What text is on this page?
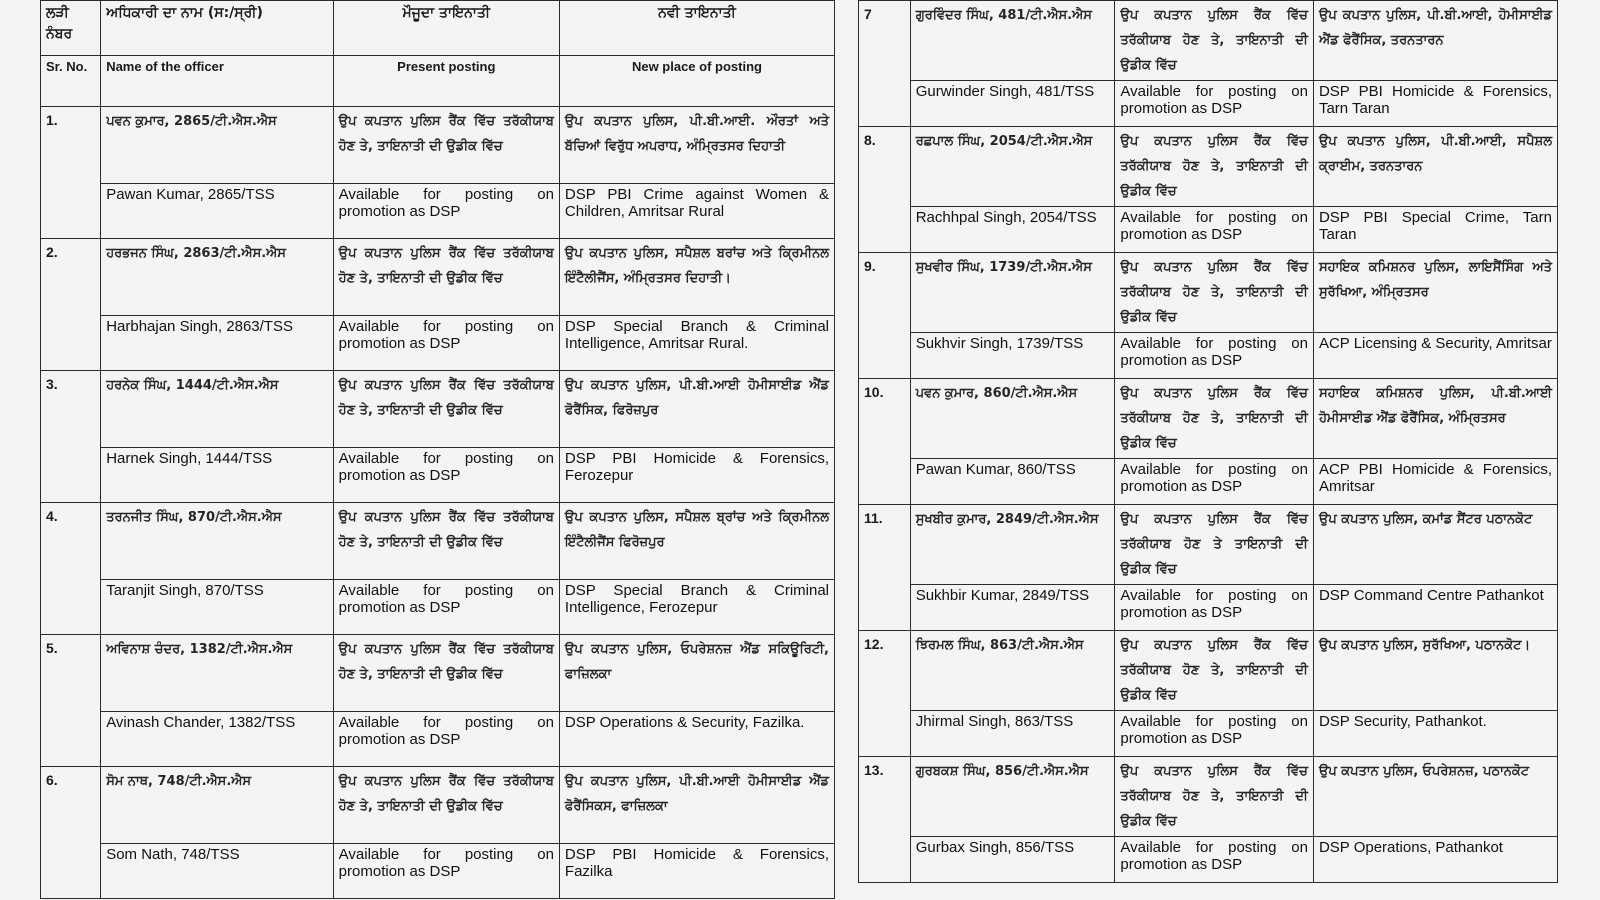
ਲੜੀ ਨੰਬਰ	ਅਧਿਕਾਰੀ ਦਾ ਨਾਮ (ਸ:/ਸ੍ਰੀ)	ਮੌਜੂਦਾ ਤਾਇਨਾਤੀ	ਨਵੀ ਤਾਇਨਾਤੀ
Sr. No.	Name of the officer	Present posting	New place of posting
1.	ਪਵਨ ਕੁਮਾਰ, 2865/ਟੀ.ਐਸ.ਐਸ	ਉਪ ਕਪਤਾਨ ਪੁਲਿਸ ਰੈਂਕ ਵਿੱਚ ਤਰੱਕੀਯਾਬ ਹੋਣ ਤੇ, ਤਾਇਨਾਤੀ ਦੀ ਉਡੀਕ ਵਿੱਚ	ਉਪ ਕਪਤਾਨ ਪੁਲਿਸ, ਪੀ.ਬੀ.ਆਈ. ਔਰਤਾਂ ਅਤੇ ਬੱਚਿਆਂ ਵਿਰੁੱਧ ਅਪਰਾਧ, ਅੰਮ੍ਰਿਤਸਰ ਦਿਹਾਤੀ
	Pawan Kumar, 2865/TSS	Available for posting on promotion as DSP	DSP PBI Crime against Women & Children, Amritsar Rural
2.	ਹਰਭਜਨ ਸਿੰਘ, 2863/ਟੀ.ਐਸ.ਐਸ	ਉਪ ਕਪਤਾਨ ਪੁਲਿਸ ਰੈਂਕ ਵਿੱਚ ਤਰੱਕੀਯਾਬ ਹੋਣ ਤੇ, ਤਾਇਨਾਤੀ ਦੀ ਉਡੀਕ ਵਿੱਚ	ਉਪ ਕਪਤਾਨ ਪੁਲਿਸ, ਸਪੈਸ਼ਲ ਬਰਾਂਚ ਅਤੇ ਕ੍ਰਿਮੀਨਲ ਇੰਟੈਲੀਜੈਂਸ, ਅੰਮ੍ਰਿਤਸਰ ਦਿਹਾਤੀ।
	Harbhajan Singh, 2863/TSS	Available for posting on promotion as DSP	DSP Special Branch & Criminal Intelligence, Amritsar Rural.
3.	ਹਰਨੇਕ ਸਿੰਘ, 1444/ਟੀ.ਐਸ.ਐਸ	ਉਪ ਕਪਤਾਨ ਪੁਲਿਸ ਰੈਂਕ ਵਿੱਚ ਤਰੱਕੀਯਾਬ ਹੋਣ ਤੇ, ਤਾਇਨਾਤੀ ਦੀ ਉਡੀਕ ਵਿੱਚ	ਉਪ ਕਪਤਾਨ ਪੁਲਿਸ, ਪੀ.ਬੀ.ਆਈ ਹੋਮੀਸਾਈਡ ਐਂਡ ਫੋਰੈਂਸਿਕ, ਫਿਰੋਜ਼ਪੁਰ
	Harnek Singh, 1444/TSS	Available for posting on promotion as DSP	DSP PBI Homicide & Forensics, Ferozepur
4.	ਤਰਨਜੀਤ ਸਿੰਘ, 870/ਟੀ.ਐਸ.ਐਸ	ਉਪ ਕਪਤਾਨ ਪੁਲਿਸ ਰੈਂਕ ਵਿੱਚ ਤਰੱਕੀਯਾਬ ਹੋਣ ਤੇ, ਤਾਇਨਾਤੀ ਦੀ ਉਡੀਕ ਵਿੱਚ	ਉਪ ਕਪਤਾਨ ਪੁਲਿਸ, ਸਪੈਸ਼ਲ ਬ੍ਰਾਂਚ ਅਤੇ ਕ੍ਰਿਮੀਨਲ ਇੰਟੈਲੀਜੈਂਸ ਫਿਰੋਜ਼ਪੁਰ
	Taranjit Singh, 870/TSS	Available for posting on promotion as DSP	DSP Special Branch & Criminal Intelligence, Ferozepur
5.	ਅਵਿਨਾਸ਼ ਚੰਦਰ, 1382/ਟੀ.ਐਸ.ਐਸ	ਉਪ ਕਪਤਾਨ ਪੁਲਿਸ ਰੈਂਕ ਵਿੱਚ ਤਰੱਕੀਯਾਬ ਹੋਣ ਤੇ, ਤਾਇਨਾਤੀ ਦੀ ਉਡੀਕ ਵਿੱਚ	ਉਪ ਕਪਤਾਨ ਪੁਲਿਸ, ਓਪਰੇਸ਼ਨਜ਼ ਐਂਡ ਸਕਿਊਰਿਟੀ, ਫਾਜ਼ਿਲਕਾ
	Avinash Chander, 1382/TSS	Available for posting on promotion as DSP	DSP Operations & Security, Fazilka.
6.	ਸੋਮ ਨਾਥ, 748/ਟੀ.ਐਸ.ਐਸ	ਉਪ ਕਪਤਾਨ ਪੁਲਿਸ ਰੈਂਕ ਵਿੱਚ ਤਰੱਕੀਯਾਬ ਹੋਣ ਤੇ, ਤਾਇਨਾਤੀ ਦੀ ਉਡੀਕ ਵਿੱਚ	ਉਪ ਕਪਤਾਨ ਪੁਲਿਸ, ਪੀ.ਬੀ.ਆਈ ਹੋਮੀਸਾਈਡ ਐਂਡ ਫੋਰੈਂਸਿਕਸ, ਫਾਜ਼ਿਲਕਾ
	Som Nath, 748/TSS	Available for posting on promotion as DSP	DSP PBI Homicide & Forensics, Fazilka
7	ਗੁਰਵਿੰਦਰ ਸਿੰਘ, 481/ਟੀ.ਐਸ.ਐਸ	ਉਪ ਕਪਤਾਨ ਪੁਲਿਸ ਰੈਂਕ ਵਿੱਚ ਤਰੱਕੀਯਾਬ ਹੋਣ ਤੇ, ਤਾਇਨਾਤੀ ਦੀ ਉਡੀਕ ਵਿੱਚ	ਉਪ ਕਪਤਾਨ ਪੁਲਿਸ, ਪੀ.ਬੀ.ਆਈ, ਹੋਮੀਸਾਈਡ ਐਂਡ ਫੋਰੈਂਸਿਕ, ਤਰਨਤਾਰਨ
	Gurwinder Singh, 481/TSS	Available for posting on promotion as DSP	DSP PBI Homicide & Forensics, Tarn Taran
8.	ਰਛਪਾਲ ਸਿੰਘ, 2054/ਟੀ.ਐਸ.ਐਸ	ਉਪ ਕਪਤਾਨ ਪੁਲਿਸ ਰੈਂਕ ਵਿੱਚ ਤਰੱਕੀਯਾਬ ਹੋਣ ਤੇ, ਤਾਇਨਾਤੀ ਦੀ ਉਡੀਕ ਵਿੱਚ	ਉਪ ਕਪਤਾਨ ਪੁਲਿਸ, ਪੀ.ਬੀ.ਆਈ, ਸਪੈਸ਼ਲ ਕ੍ਰਾਈਮ, ਤਰਨਤਾਰਨ
	Rachhpal Singh, 2054/TSS	Available for posting on promotion as DSP	DSP PBI Special Crime, Tarn Taran
9.	ਸੁਖਵੀਰ ਸਿੰਘ, 1739/ਟੀ.ਐਸ.ਐਸ	ਉਪ ਕਪਤਾਨ ਪੁਲਿਸ ਰੈਂਕ ਵਿੱਚ ਤਰੱਕੀਯਾਬ ਹੋਣ ਤੇ, ਤਾਇਨਾਤੀ ਦੀ ਉਡੀਕ ਵਿੱਚ	ਸਹਾਇਕ ਕਮਿਸ਼ਨਰ ਪੁਲਿਸ, ਲਾਇਸੈਂਸਿੰਗ ਅਤੇ ਸੁਰੱਖਿਆ, ਅੰਮ੍ਰਿਤਸਰ
	Sukhvir Singh, 1739/TSS	Available for posting on promotion as DSP	ACP Licensing & Security, Amritsar
10.	ਪਵਨ ਕੁਮਾਰ, 860/ਟੀ.ਐਸ.ਐਸ	ਉਪ ਕਪਤਾਨ ਪੁਲਿਸ ਰੈਂਕ ਵਿੱਚ ਤਰੱਕੀਯਾਬ ਹੋਣ ਤੇ, ਤਾਇਨਾਤੀ ਦੀ ਉਡੀਕ ਵਿੱਚ	ਸਹਾਇਕ ਕਮਿਸ਼ਨਰ ਪੁਲਿਸ, ਪੀ.ਬੀ.ਆਈ ਹੋਮੀਸਾਈਡ ਐਂਡ ਫੋਰੈਂਸਿਕ, ਅੰਮ੍ਰਿਤਸਰ
	Pawan Kumar, 860/TSS	Available for posting on promotion as DSP	ACP PBI Homicide & Forensics, Amritsar
11.	ਸੁਖਬੀਰ ਕੁਮਾਰ, 2849/ਟੀ.ਐਸ.ਐਸ	ਉਪ ਕਪਤਾਨ ਪੁਲਿਸ ਰੈਂਕ ਵਿੱਚ ਤਰੱਕੀਯਾਬ ਹੋਣ ਤੇ ਤਾਇਨਾਤੀ ਦੀ ਉਡੀਕ ਵਿੱਚ	ਉਪ ਕਪਤਾਨ ਪੁਲਿਸ, ਕਮਾਂਡ ਸੈਂਟਰ ਪਠਾਨਕੋਟ
	Sukhbir Kumar, 2849/TSS	Available for posting on promotion as DSP	DSP Command Centre Pathankot
12.	ਝਿਰਮਲ ਸਿੰਘ, 863/ਟੀ.ਐਸ.ਐਸ	ਉਪ ਕਪਤਾਨ ਪੁਲਿਸ ਰੈਂਕ ਵਿੱਚ ਤਰੱਕੀਯਾਬ ਹੋਣ ਤੇ, ਤਾਇਨਾਤੀ ਦੀ ਉਡੀਕ ਵਿੱਚ	ਉਪ ਕਪਤਾਨ ਪੁਲਿਸ, ਸੁਰੱਖਿਆ, ਪਠਾਨਕੋਟ।
	Jhirmal Singh, 863/TSS	Available for posting on promotion as DSP	DSP Security, Pathankot.
13.	ਗੁਰਬਕਸ਼ ਸਿੰਘ, 856/ਟੀ.ਐਸ.ਐਸ	ਉਪ ਕਪਤਾਨ ਪੁਲਿਸ ਰੈਂਕ ਵਿੱਚ ਤਰੱਕੀਯਾਬ ਹੋਣ ਤੇ, ਤਾਇਨਾਤੀ ਦੀ ਉਡੀਕ ਵਿੱਚ	ਉਪ ਕਪਤਾਨ ਪੁਲਿਸ, ਓਪਰੇਸ਼ਨਜ਼, ਪਠਾਨਕੋਟ
	Gurbax Singh, 856/TSS	Available for posting on promotion as DSP	DSP Operations, Pathankot
